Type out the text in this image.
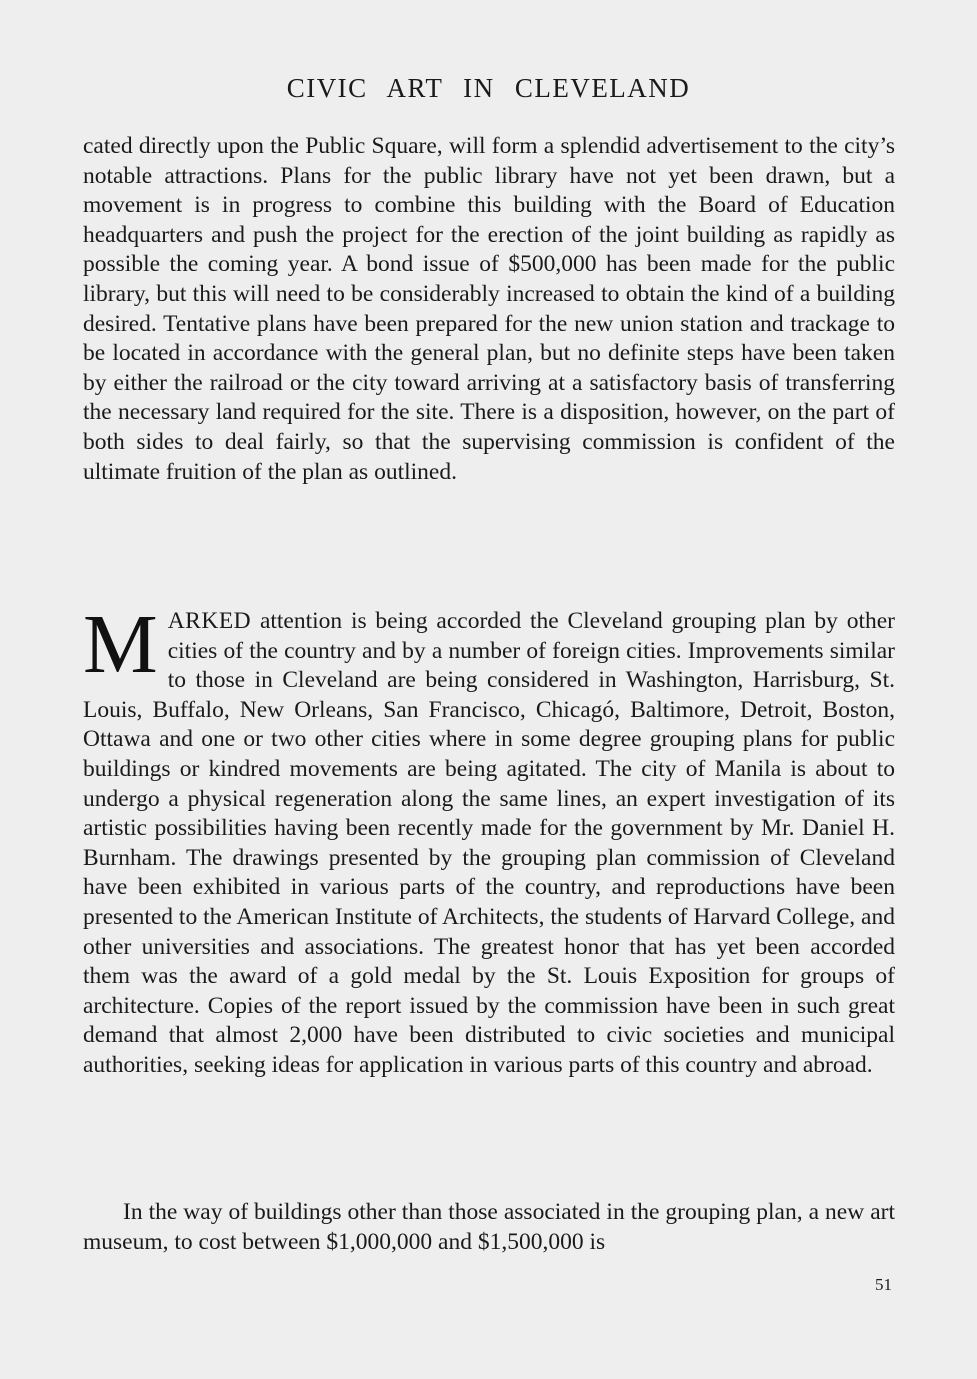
CIVIC ART IN CLEVELAND

cated directly upon the Public Square, will form a splendid advertisement to the city’s notable attractions. Plans for the public library have not yet been drawn, but a movement is in progress to combine this building with the Board of Education headquarters and push the project for the erection of the joint building as rapidly as possible the coming year. A bond issue of $500,000 has been made for the public library, but this will need to be considerably increased to obtain the kind of a building desired. Tentative plans have been prepared for the new union station and trackage to be located in accordance with the general plan, but no definite steps have been taken by either the railroad or the city toward arriving at a satisfactory basis of transferring the necessary land required for the site. There is a disposition, however, on the part of both sides to deal fairly, so that the supervising commission is confident of the ultimate fruition of the plan as outlined.

MARKED attention is being accorded the Cleveland grouping plan by other cities of the country and by a number of foreign cities. Improvements similar to those in Cleveland are being considered in Washington, Harrisburg, St. Louis, Buffalo, New Orleans, San Francisco, Chicagó, Baltimore, Detroit, Boston, Ottawa and one or two other cities where in some degree grouping plans for public buildings or kindred movements are being agitated. The city of Manila is about to undergo a physical regeneration along the same lines, an expert investigation of its artistic possibilities having been recently made for the government by Mr. Daniel H. Burnham. The drawings presented by the grouping plan commission of Cleveland have been exhibited in various parts of the country, and reproductions have been presented to the American Institute of Architects, the students of Harvard College, and other universities and associations. The greatest honor that has yet been accorded them was the award of a gold medal by the St. Louis Exposition for groups of architecture. Copies of the report issued by the commission have been in such great demand that almost 2,000 have been distributed to civic societies and municipal authorities, seeking ideas for application in various parts of this country and abroad.

In the way of buildings other than those associated in the grouping plan, a new art museum, to cost between $1,000,000 and $1,500,000 is

51
